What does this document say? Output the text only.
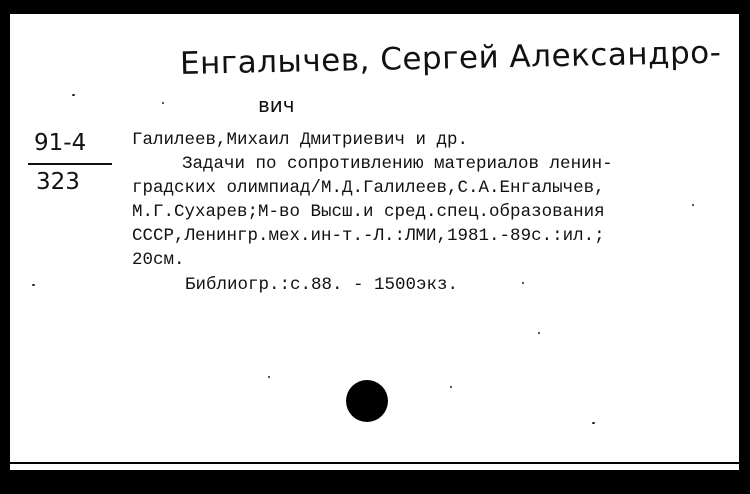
Енгалычев, Сергей Александро-
вич
91-4
323
Галилеев,Михаил Дмитриевич и др.
Задачи по сопротивлению материалов ленин-
градских олимпиад/М.Д.Галилеев,С.А.Енгалычев,
М.Г.Сухарев;М-во Высш.и сред.спец.образования
СССР,Ленингр.мех.ин-т.-Л.:ЛМИ,1981.-89с.:ил.;
20см.
Библиогр.:с.88. - 1500экз.
